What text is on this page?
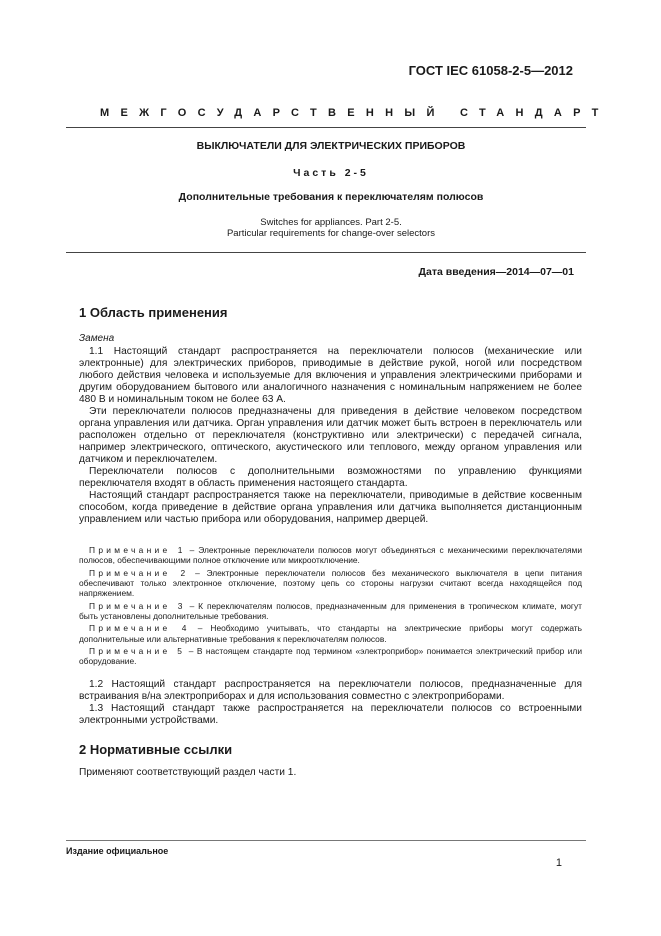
ГОСТ IEC 61058-2-5—2012
МЕЖГОСУДАРСТВЕННЫЙ СТАНДАРТ
ВЫКЛЮЧАТЕЛИ ДЛЯ ЭЛЕКТРИЧЕСКИХ ПРИБОРОВ
Часть 2-5
Дополнительные требования к переключателям полюсов
Switches for appliances. Part 2-5.
Particular requirements for change-over selectors
Дата введения—2014—07—01
1 Область применения
Замена

1.1 Настоящий стандарт распространяется на переключатели полюсов (механические или электронные) для электрических приборов, приводимые в действие рукой, ногой или посредством любого действия человека и используемые для включения и управления электрическими приборами и другим оборудованием бытового или аналогичного назначения с номинальным напряжением не более 480 В и номинальным током не более 63 А.

Эти переключатели полюсов предназначены для приведения в действие человеком посредством органа управления или датчика. Орган управления или датчик может быть встроен в переключатель или расположен отдельно от переключателя (конструктивно или электрически) с передачей сигнала, например электрического, оптического, акустического или теплового, между органом управления или датчиком и переключателем.

Переключатели полюсов с дополнительными возможностями по управлению функциями переключателя входят в область применения настоящего стандарта.

Настоящий стандарт распространяется также на переключатели, приводимые в действие косвенным способом, когда приведение в действие органа управления или датчика выполняется дистанционным управлением или частью прибора или оборудования, например дверцей.

Примечание 1 – Электронные переключатели полюсов могут объединяться с механическими переключателями полюсов, обеспечивающими полное отключение или микроотключение.

Примечание 2 – Электронные переключатели полюсов без механического выключателя в цепи питания обеспечивают только электронное отключение, поэтому цепь со стороны нагрузки считают всегда находящейся под напряжением.

Примечание 3 – К переключателям полюсов, предназначенным для применения в тропическом климате, могут быть установлены дополнительные требования.

Примечание 4 – Необходимо учитывать, что стандарты на электрические приборы могут содержать дополнительные или альтернативные требования к переключателям полюсов.

Примечание 5 – В настоящем стандарте под термином «электроприбор» понимается электрический прибор или оборудование.

1.2 Настоящий стандарт распространяется на переключатели полюсов, предназначенные для встраивания в/на электроприборах и для использования совместно с электроприборами.

1.3 Настоящий стандарт также распространяется на переключатели полюсов со встроенными электронными устройствами.

2 Нормативные ссылки

Применяют соответствующий раздел части 1.

Издание официальное
1
